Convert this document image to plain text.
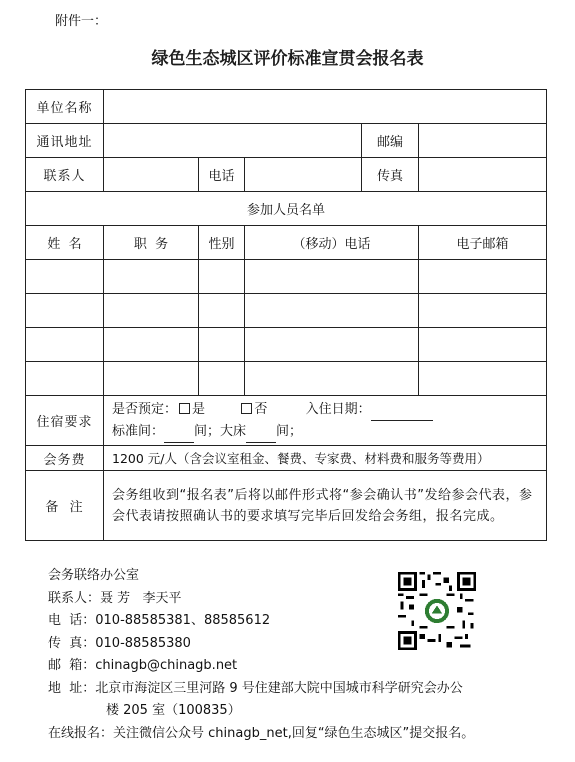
附件一：
绿色生态城区评价标准宣贯会报名表
单位名称					
通讯地址				邮编	
联系人		电话		传真	
参加人员名单					
姓  名	职  务	性别	（移动）电话		电子邮箱

住宿要求	是否预定： 是 否 入住日期：
标准间： 间；大床 间；				

会务费	1200 元/人（含会议室租金、餐费、专家费、材料费和服务等费用）				
备  注	会务组收到“报名表”后将以邮件形式将“参会确认书”发给参会代表，参会代表请按照确认书的要求填写完毕后回发给会务组，报名完成。				
会务联络办公室
联系人：聂 芳   李天平
电  话：010-88585381、88585612
传  真：010-88585380
邮  箱：chinagb@chinagb.net
地  址：北京市海淀区三里河路 9 号住建部大院中国城市科学研究会办公
楼 205 室（100835）
在线报名：关注微信公众号 chinagb_net,回复“绿色生态城区”提交报名。
